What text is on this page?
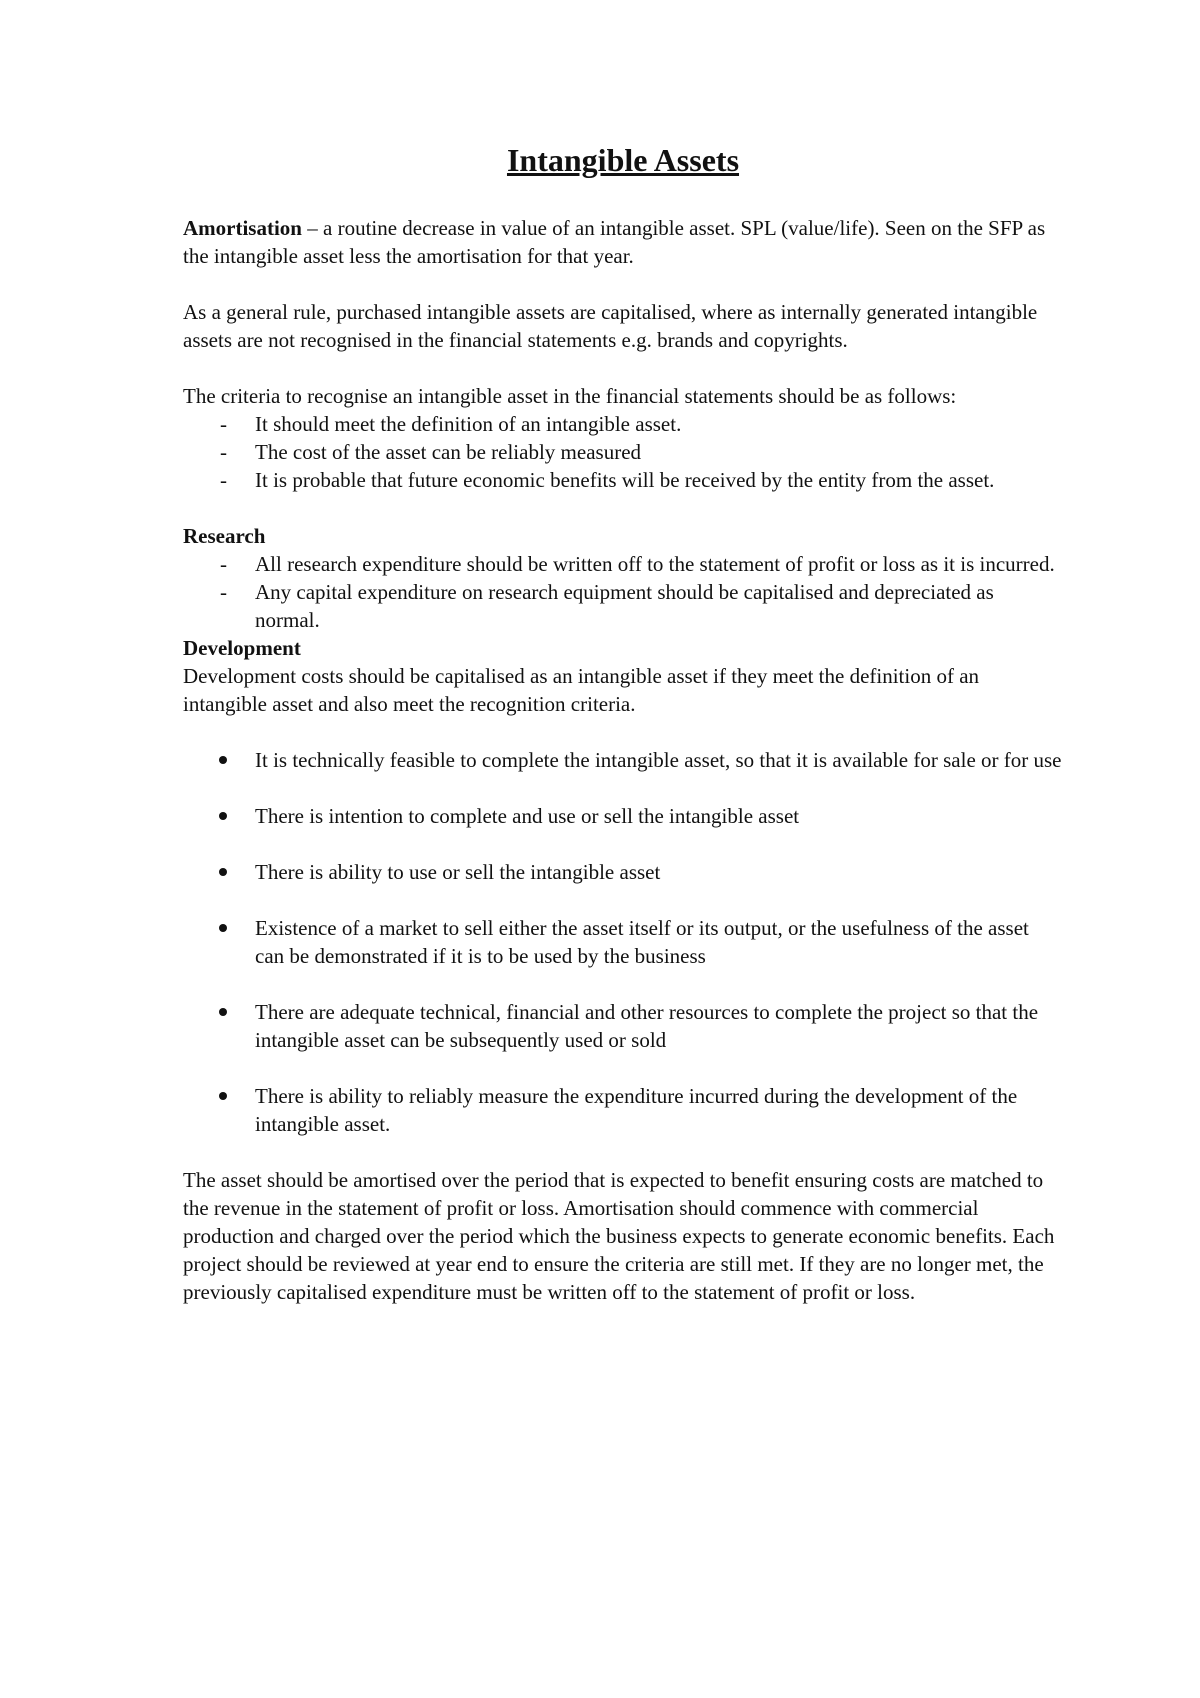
Intangible Assets

Amortisation – a routine decrease in value of an intangible asset. SPL (value/life). Seen on the SFP as the intangible asset less the amortisation for that year.

As a general rule, purchased intangible assets are capitalised, where as internally generated intangible assets are not recognised in the financial statements e.g. brands and copyrights.

The criteria to recognise an intangible asset in the financial statements should be as follows:

- It should meet the definition of an intangible asset.
- The cost of the asset can be reliably measured
- It is probable that future economic benefits will be received by the entity from the asset.

Research

- All research expenditure should be written off to the statement of profit or loss as it is incurred.
- Any capital expenditure on research equipment should be capitalised and depreciated as normal.

Development

Development costs should be capitalised as an intangible asset if they meet the definition of an intangible asset and also meet the recognition criteria.

It is technically feasible to complete the intangible asset, so that it is available for sale or for use
There is intention to complete and use or sell the intangible asset
There is ability to use or sell the intangible asset
Existence of a market to sell either the asset itself or its output, or the usefulness of the asset can be demonstrated if it is to be used by the business
There are adequate technical, financial and other resources to complete the project so that the intangible asset can be subsequently used or sold
There is ability to reliably measure the expenditure incurred during the development of the intangible asset.

The asset should be amortised over the period that is expected to benefit ensuring costs are matched to the revenue in the statement of profit or loss. Amortisation should commence with commercial production and charged over the period which the business expects to generate economic benefits. Each project should be reviewed at year end to ensure the criteria are still met. If they are no longer met, the previously capitalised expenditure must be written off to the statement of profit or loss.
